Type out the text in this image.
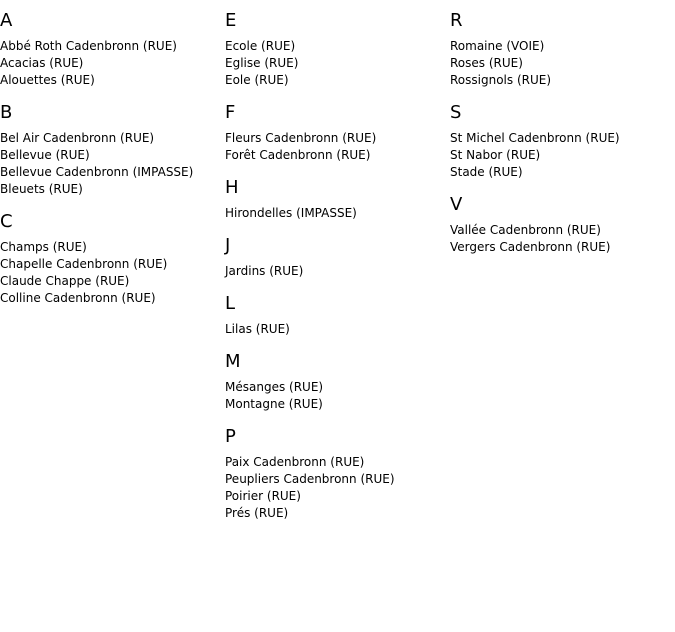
A
Abbé Roth Cadenbronn (RUE)
Acacias (RUE)
Alouettes (RUE)
B
Bel Air Cadenbronn (RUE)
Bellevue (RUE)
Bellevue Cadenbronn (IMPASSE)
Bleuets (RUE)
C
Champs (RUE)
Chapelle Cadenbronn (RUE)
Claude Chappe (RUE)
Colline Cadenbronn (RUE)
E
Ecole (RUE)
Eglise (RUE)
Eole (RUE)
F
Fleurs Cadenbronn (RUE)
Forêt Cadenbronn (RUE)
H
Hirondelles (IMPASSE)
J
Jardins (RUE)
L
Lilas (RUE)
M
Mésanges (RUE)
Montagne (RUE)
P
Paix Cadenbronn (RUE)
Peupliers Cadenbronn (RUE)
Poirier (RUE)
Prés (RUE)
R
Romaine (VOIE)
Roses (RUE)
Rossignols (RUE)
S
St Michel Cadenbronn (RUE)
St Nabor (RUE)
Stade (RUE)
V
Vallée Cadenbronn (RUE)
Vergers Cadenbronn (RUE)
